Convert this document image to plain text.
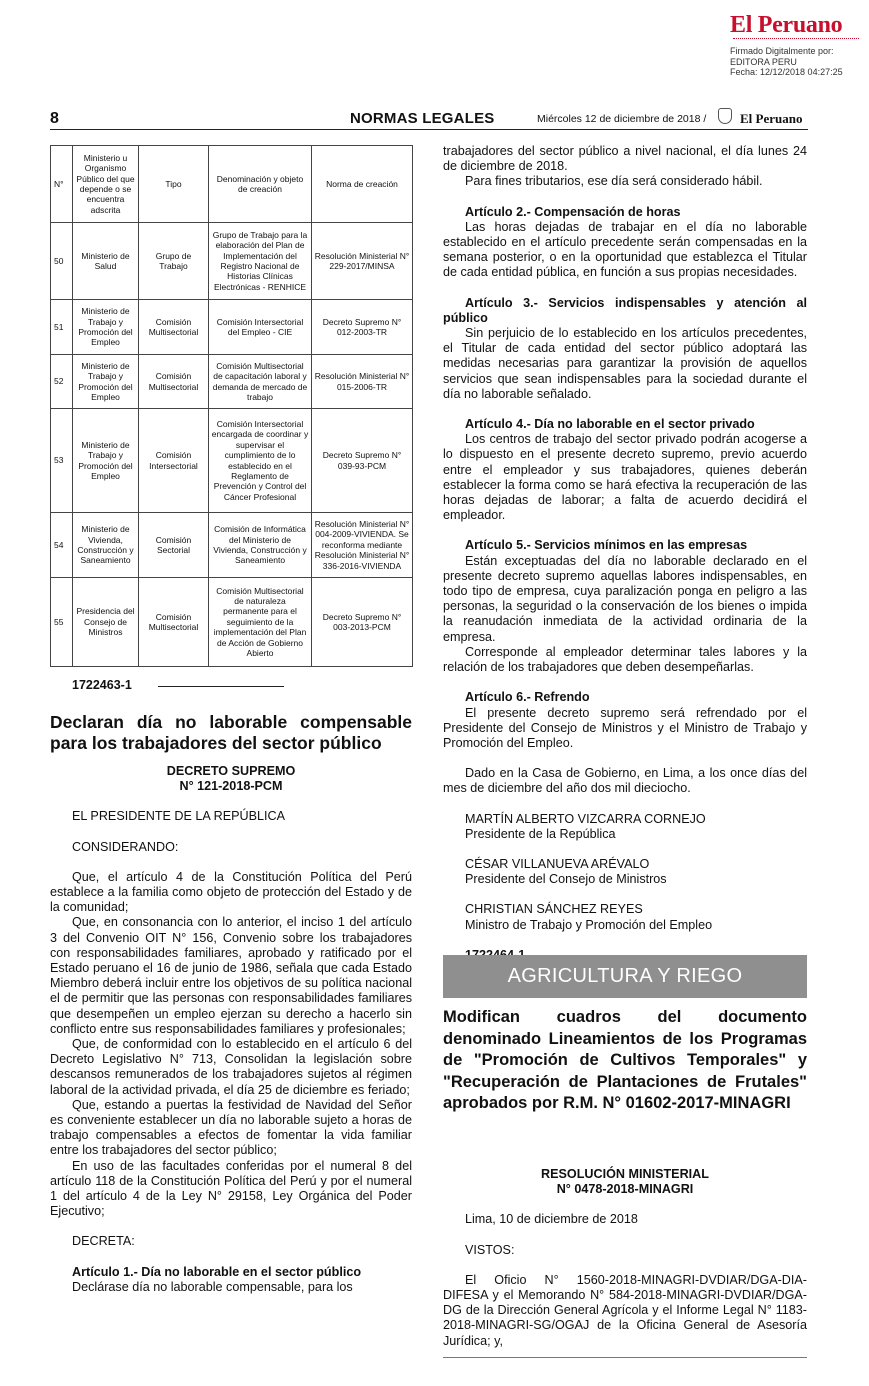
El Peruano
Firmado Digitalmente por:
EDITORA PERU
Fecha: 12/12/2018 04:27:25
8	NORMAS LEGALES	Miércoles 12 de diciembre de 2018 /	El Peruano
N°	Ministerio u Organismo Público del que depende o se encuentra adscrita	Tipo	Denominación y objeto de creación	Norma de creación
50	Ministerio de Salud	Grupo de Trabajo	Grupo de Trabajo para la elaboración del Plan de Implementación del Registro Nacional de Historias Clínicas Electrónicas - RENHICE	Resolución Ministerial N° 229-2017/MINSA
51	Ministerio de Trabajo y Promoción del Empleo	Comisión Multisectorial	Comisión Intersectorial del Empleo - CIE	Decreto Supremo N° 012-2003-TR
52	Ministerio de Trabajo y Promoción del Empleo	Comisión Multisectorial	Comisión Multisectorial de capacitación laboral y demanda de mercado de trabajo	Resolución Ministerial N° 015-2006-TR
53	Ministerio de Trabajo y Promoción del Empleo	Comisión Intersectorial	Comisión Intersectorial encargada de coordinar y supervisar el cumplimiento de lo establecido en el Reglamento de Prevención y Control del Cáncer Profesional	Decreto Supremo N° 039-93-PCM
54	Ministerio de Vivienda, Construcción y Saneamiento	Comisión Sectorial	Comisión de Informática del Ministerio de Vivienda, Construcción y Saneamiento	Resolución Ministerial N° 004-2009-VIVIENDA. Se reconforma mediante Resolución Ministerial N° 336-2016-VIVIENDA
55	Presidencia del Consejo de Ministros	Comisión Multisectorial	Comisión Multisectorial de naturaleza permanente para el seguimiento de la implementación del Plan de Acción de Gobierno Abierto	Decreto Supremo N° 003-2013-PCM
1722463-1
Declaran día no laborable compensable para los trabajadores del sector público

DECRETO SUPREMO

N° 121-2018-PCM

EL PRESIDENTE DE LA REPÚBLICA

CONSIDERANDO:

Que, el artículo 4 de la Constitución Política del Perú establece a la familia como objeto de protección del Estado y de la comunidad;

Que, en consonancia con lo anterior, el inciso 1 del artículo 3 del Convenio OIT N° 156, Convenio sobre los trabajadores con responsabilidades familiares, aprobado y ratificado por el Estado peruano el 16 de junio de 1986, señala que cada Estado Miembro deberá incluir entre los objetivos de su política nacional el de permitir que las personas con responsabilidades familiares que desempeñen un empleo ejerzan su derecho a hacerlo sin conflicto entre sus responsabilidades familiares y profesionales;

Que, de conformidad con lo establecido en el artículo 6 del Decreto Legislativo N° 713, Consolidan la legislación sobre descansos remunerados de los trabajadores sujetos al régimen laboral de la actividad privada, el día 25 de diciembre es feriado;

Que, estando a puertas la festividad de Navidad del Señor es conveniente establecer un día no laborable sujeto a horas de trabajo compensables a efectos de fomentar la vida familiar entre los trabajadores del sector público;

En uso de las facultades conferidas por el numeral 8 del artículo 118 de la Constitución Política del Perú y por el numeral 1 del artículo 4 de la Ley N° 29158, Ley Orgánica del Poder Ejecutivo;

DECRETA:

Artículo 1.- Día no laborable en el sector público

Declárase día no laborable compensable, para los

trabajadores del sector público a nivel nacional, el día lunes 24 de diciembre de 2018.

Para fines tributarios, ese día será considerado hábil.

Artículo 2.- Compensación de horas

Las horas dejadas de trabajar en el día no laborable establecido en el artículo precedente serán compensadas en la semana posterior, o en la oportunidad que establezca el Titular de cada entidad pública, en función a sus propias necesidades.

Artículo 3.- Servicios indispensables y atención al público

Sin perjuicio de lo establecido en los artículos precedentes, el Titular de cada entidad del sector público adoptará las medidas necesarias para garantizar la provisión de aquellos servicios que sean indispensables para la sociedad durante el día no laborable señalado.

Artículo 4.- Día no laborable en el sector privado

Los centros de trabajo del sector privado podrán acogerse a lo dispuesto en el presente decreto supremo, previo acuerdo entre el empleador y sus trabajadores, quienes deberán establecer la forma como se hará efectiva la recuperación de las horas dejadas de laborar; a falta de acuerdo decidirá el empleador.

Artículo 5.- Servicios mínimos en las empresas

Están exceptuadas del día no laborable declarado en el presente decreto supremo aquellas labores indispensables, en todo tipo de empresa, cuya paralización ponga en peligro a las personas, la seguridad o la conservación de los bienes o impida la reanudación inmediata de la actividad ordinaria de la empresa.

Corresponde al empleador determinar tales labores y la relación de los trabajadores que deben desempeñarlas.

Artículo 6.- Refrendo

El presente decreto supremo será refrendado por el Presidente del Consejo de Ministros y el Ministro de Trabajo y Promoción del Empleo.

Dado en la Casa de Gobierno, en Lima, a los once días del mes de diciembre del año dos mil dieciocho.

MARTÍN ALBERTO VIZCARRA CORNEJO

Presidente de la República

CÉSAR VILLANUEVA ARÉVALO

Presidente del Consejo de Ministros

CHRISTIAN SÁNCHEZ REYES

Ministro de Trabajo y Promoción del Empleo

AGRICULTURA Y RIEGO
Modifican cuadros del documento denominado Lineamientos de los Programas de "Promoción de Cultivos Temporales" y "Recuperación de Plantaciones de Frutales" aprobados por R.M. N° 01602-2017-MINAGRI

RESOLUCIÓN MINISTERIAL

N° 0478-2018-MINAGRI

Lima, 10 de diciembre de 2018

VISTOS:

El Oficio N° 1560-2018-MINAGRI-DVDIAR/DGA-DIA-DIFESA y el Memorando N° 584-2018-MINAGRI-DVDIAR/DGA-DG de la Dirección General Agrícola y el Informe Legal N° 1183-2018-MINAGRI-SG/OGAJ de la Oficina General de Asesoría Jurídica; y,
